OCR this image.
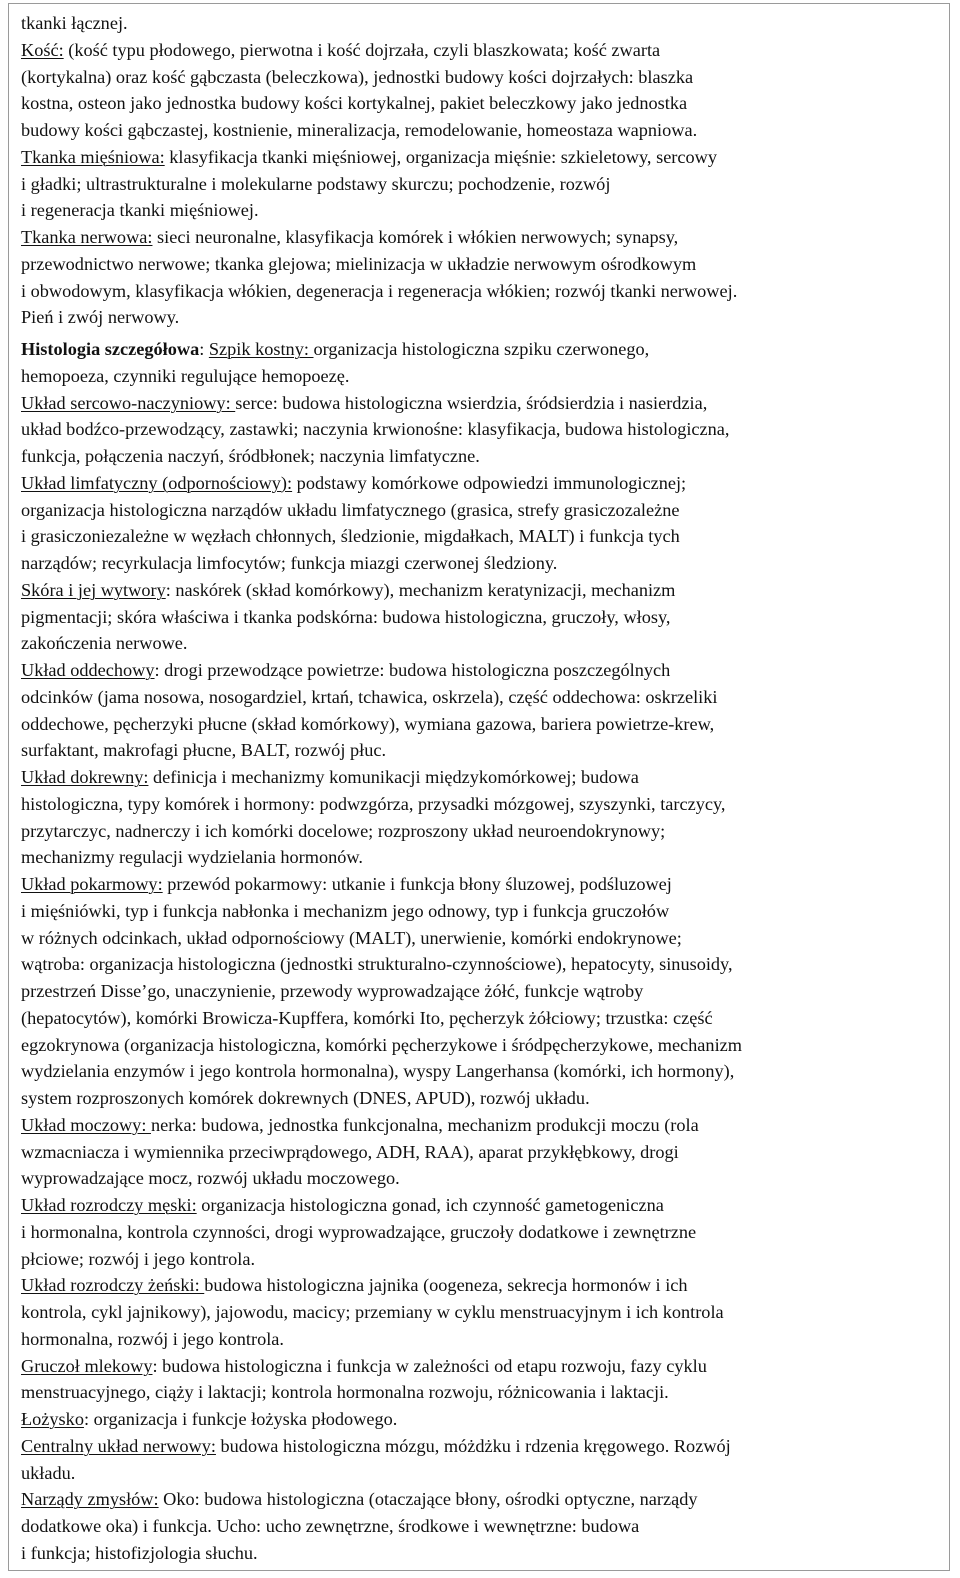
tkanki łącznej.
Kość: (kość typu płodowego, pierwotna i kość dojrzała, czyli blaszkowata; kość zwarta
(kortykalna) oraz kość gąbczasta (beleczkowa), jednostki budowy kości dojrzałych: blaszka
kostna, osteon jako jednostka budowy kości kortykalnej, pakiet beleczkowy jako jednostka
budowy kości gąbczastej, kostnienie, mineralizacja, remodelowanie, homeostaza wapniowa.
Tkanka mięśniowa: klasyfikacja tkanki mięśniowej, organizacja mięśnie: szkieletowy, sercowy
i gładki; ultrastrukturalne i molekularne podstawy skurczu; pochodzenie, rozwój
i regeneracja tkanki mięśniowej.
Tkanka nerwowa: sieci neuronalne, klasyfikacja komórek i włókien nerwowych; synapsy,
przewodnictwo nerwowe; tkanka glejowa; mielinizacja w układzie nerwowym ośrodkowym
i obwodowym, klasyfikacja włókien, degeneracja i regeneracja włókien; rozwój tkanki nerwowej.
Pień i zwój nerwowy.
Histologia szczegółowa: Szpik kostny: organizacja histologiczna szpiku czerwonego,
hemopoeza, czynniki regulujące hemopoezę.
Układ sercowo-naczyniowy: serce: budowa histologiczna wsierdzia, śródsierdzia i nasierdzia,
układ bodźco-przewodzący, zastawki; naczynia krwionośne: klasyfikacja, budowa histologiczna,
funkcja, połączenia naczyń, śródbłonek; naczynia limfatyczne.
Układ limfatyczny (odpornościowy): podstawy komórkowe odpowiedzi immunologicznej;
organizacja histologiczna narządów układu limfatycznego (grasica, strefy grasiczozależne
i grasiczoniezależne w węzłach chłonnych, śledzionie, migdałkach, MALT) i funkcja tych
narządów; recyrkulacja limfocytów; funkcja miazgi czerwonej śledziony.
Skóra i jej wytwory: naskórek (skład komórkowy), mechanizm keratynizacji, mechanizm
pigmentacji; skóra właściwa i tkanka podskórna: budowa histologiczna, gruczoły, włosy,
zakończenia nerwowe.
Układ oddechowy: drogi przewodzące powietrze: budowa histologiczna poszczególnych
odcinków (jama nosowa, nosogardziel, krtań, tchawica, oskrzela), część oddechowa: oskrzeliki
oddechowe, pęcherzyki płucne (skład komórkowy), wymiana gazowa, bariera powietrze-krew,
surfaktant, makrofagi płucne, BALT, rozwój płuc.
Układ dokrewny: definicja i mechanizmy komunikacji międzykomórkowej; budowa
histologiczna, typy komórek i hormony: podwzgórza, przysadki mózgowej, szyszynki, tarczycy,
przytarczyc, nadnerczy i ich komórki docelowe; rozproszony układ neuroendokrynowy;
mechanizmy regulacji wydzielania hormonów.
Układ pokarmowy: przewód pokarmowy: utkanie i funkcja błony śluzowej, podśluzowej
i mięśniówki, typ i funkcja nabłonka i mechanizm jego odnowy, typ i funkcja gruczołów
w różnych odcinkach, układ odpornościowy (MALT), unerwienie, komórki endokrynowe;
wątroba: organizacja histologiczna (jednostki strukturalno-czynnościowe), hepatocyty, sinusoidy,
przestrzeń Disse’go, unaczynienie, przewody wyprowadzające żółć, funkcje wątroby
(hepatocytów), komórki Browicza-Kupffera, komórki Ito, pęcherzyk żółciowy; trzustka: część
egzokrynowa (organizacja histologiczna, komórki pęcherzykowe i śródpęcherzykowe, mechanizm
wydzielania enzymów i jego kontrola hormonalna), wyspy Langerhansa (komórki, ich hormony),
system rozproszonych komórek dokrewnych (DNES, APUD), rozwój układu.
Układ moczowy: nerka: budowa, jednostka funkcjonalna, mechanizm produkcji moczu (rola
wzmacniacza i wymiennika przeciwprądowego, ADH, RAA), aparat przykłębkowy, drogi
wyprowadzające mocz, rozwój układu moczowego.
Układ rozrodczy męski: organizacja histologiczna gonad, ich czynność gametogeniczna
i hormonalna, kontrola czynności, drogi wyprowadzające, gruczoły dodatkowe i zewnętrzne
płciowe; rozwój i jego kontrola.
Układ rozrodczy żeński: budowa histologiczna jajnika (oogeneza, sekrecja hormonów i ich
kontrola, cykl jajnikowy), jajowodu, macicy; przemiany w cyklu menstruacyjnym i ich kontrola
hormonalna, rozwój i jego kontrola.
Gruczoł mlekowy: budowa histologiczna i funkcja w zależności od etapu rozwoju, fazy cyklu
menstruacyjnego, ciąży i laktacji; kontrola hormonalna rozwoju, różnicowania i laktacji.
Łożysko: organizacja i funkcje łożyska płodowego.
Centralny układ nerwowy: budowa histologiczna mózgu, móżdżku i rdzenia kręgowego. Rozwój
układu.
Narządy zmysłów: Oko: budowa histologiczna (otaczające błony, ośrodki optyczne, narządy
dodatkowe oka) i funkcja. Ucho: ucho zewnętrzne, środkowe i wewnętrzne: budowa
i funkcja; histofizjologia słuchu.
